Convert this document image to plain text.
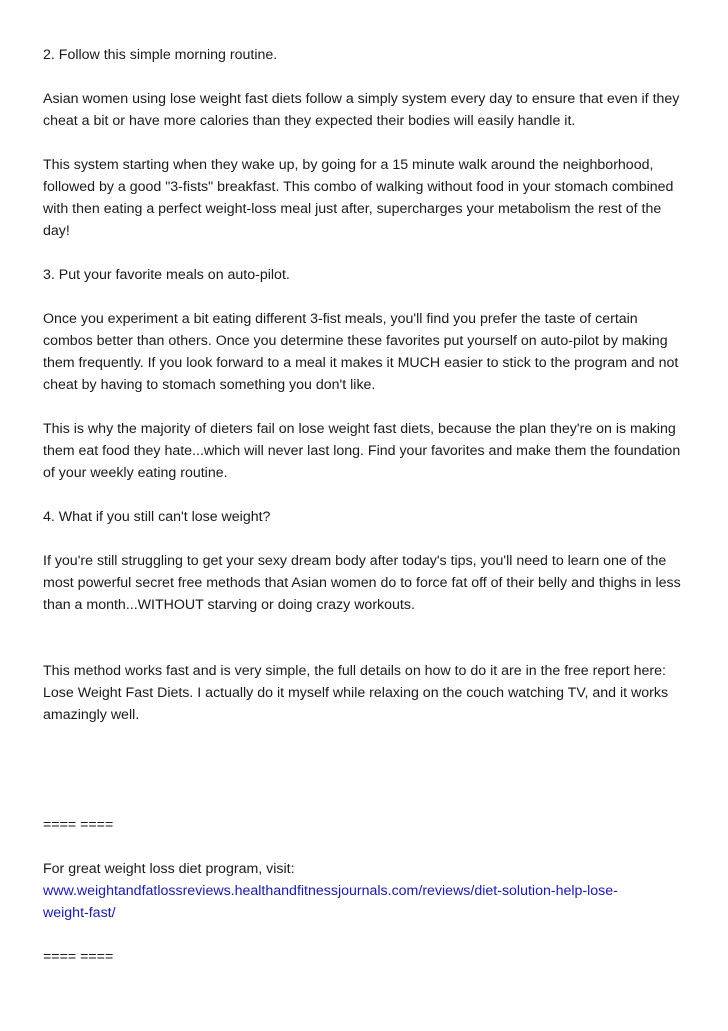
2. Follow this simple morning routine.

Asian women using lose weight fast diets follow a simply system every day to ensure that even if they cheat a bit or have more calories than they expected their bodies will easily handle it.

This system starting when they wake up, by going for a 15 minute walk around the neighborhood, followed by a good "3-fists" breakfast. This combo of walking without food in your stomach combined with then eating a perfect weight-loss meal just after, supercharges your metabolism the rest of the day!

3. Put your favorite meals on auto-pilot.

Once you experiment a bit eating different 3-fist meals, you'll find you prefer the taste of certain combos better than others. Once you determine these favorites put yourself on auto-pilot by making them frequently. If you look forward to a meal it makes it MUCH easier to stick to the program and not cheat by having to stomach something you don't like.

This is why the majority of dieters fail on lose weight fast diets, because the plan they're on is making them eat food they hate...which will never last long. Find your favorites and make them the foundation of your weekly eating routine.

4. What if you still can't lose weight?

If you're still struggling to get your sexy dream body after today's tips, you'll need to learn one of the most powerful secret free methods that Asian women do to force fat off of their belly and thighs in less than a month...WITHOUT starving or doing crazy workouts.

This method works fast and is very simple, the full details on how to do it are in the free report here: Lose Weight Fast Diets. I actually do it myself while relaxing on the couch watching TV, and it works amazingly well.

==== ====

For great weight loss diet program, visit:
www.weightandfatlossreviews.healthandfitnessjournals.com/reviews/diet-solution-help-lose-
weight-fast/

==== ====
